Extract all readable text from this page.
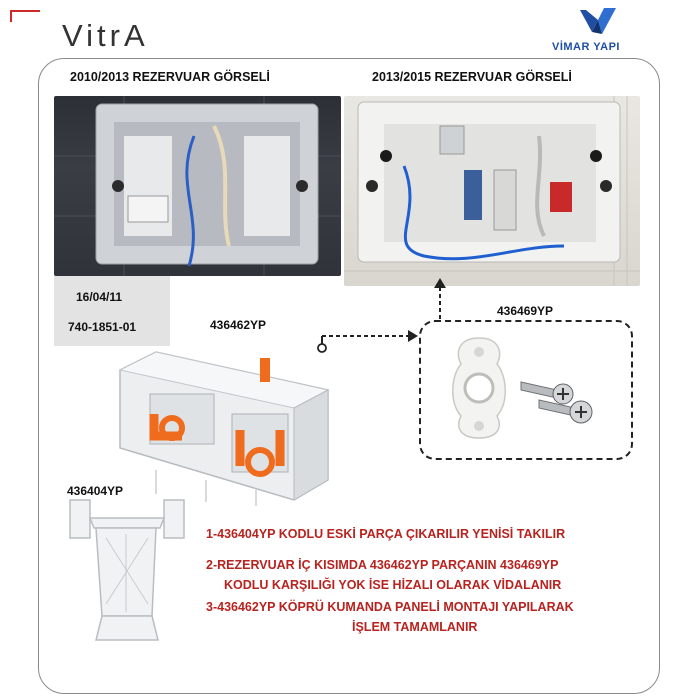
VitrA	VİMAR YAPI
2010/2013 REZERVUAR GÖRSELİ	2013/2015 REZERVUAR GÖRSELİ
16/04/11
740-1851-01	436462YP
436469YP
436404YP
1-436404YP KODLU ESKİ PARÇA ÇIKARILIR YENİSİ TAKILIR
2-REZERVUAR İÇ KISIMDA 436462YP PARÇANIN 436469YP
KODLU KARŞILIĞI YOK İSE HİZALI OLARAK VİDALANIR
3-436462YP KÖPRÜ KUMANDA PANELİ MONTAJI YAPILARAK
İŞLEM TAMAMLANIR
